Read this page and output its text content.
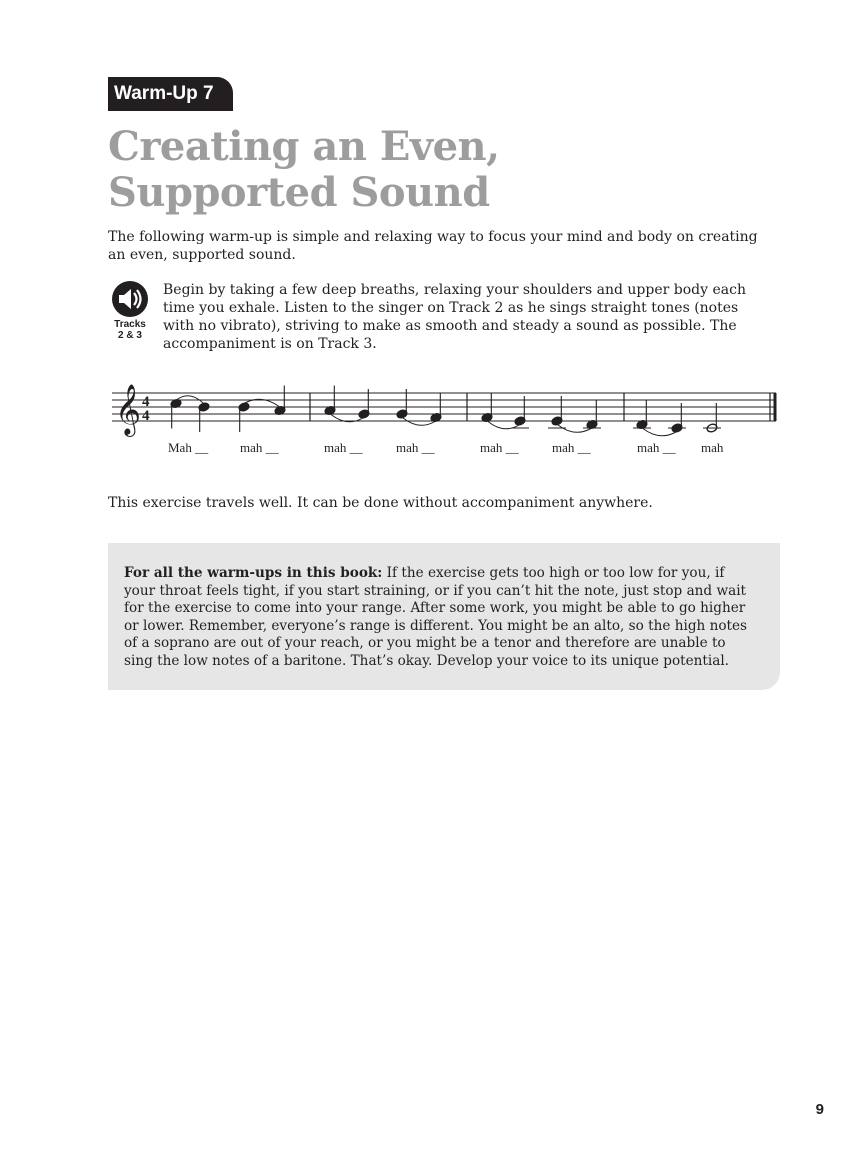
Warm-Up 7
Creating an Even,
Supported Sound

The following warm-up is simple and relaxing way to focus your mind and body on creating an even, supported sound.

Tracks
2 & 3

Begin by taking a few deep breaths, relaxing your shoulders and upper body each time you exhale. Listen to the singer on Track 2 as he sings straight tones (notes with no vibrato), striving to make as smooth and steady a sound as possible. The accompaniment is on Track 3.

𝄞 4
4
Mah __ mah __	mah __	mah __	mah __	mah __	mah __ mah

This exercise travels well. It can be done without accompaniment anywhere.

For all the warm-ups in this book: If the exercise gets too high or too low for you, if your throat feels tight, if you start straining, or if you can’t hit the note, just stop and wait for the exercise to come into your range. After some work, you might be able to go higher or lower. Remember, everyone’s range is different. You might be an alto, so the high notes of a soprano are out of your reach, or you might be a tenor and therefore are unable to sing the low notes of a baritone. That’s okay. Develop your voice to its unique potential.

9
